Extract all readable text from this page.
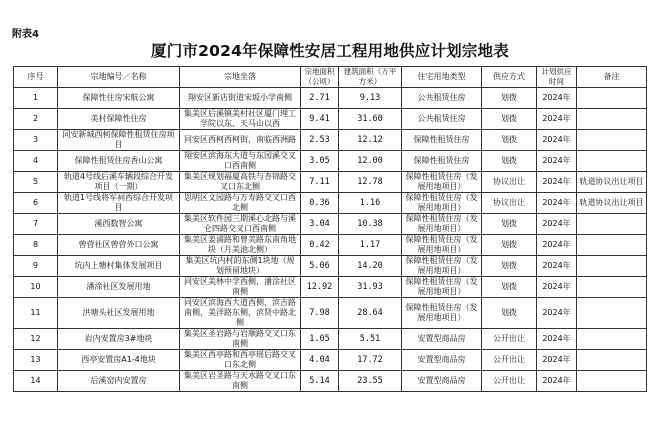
附表4
厦门市2024年保障性安居工程用地供应计划宗地表
序号	宗地编号／名称	宗地坐落	宗地面积（公顷）	建筑面积（万平方米）	住宅用地类型	供应方式	计划供应时间	备注
1	保障性住房宋航公寓	翔安区新店街道宋坂小学南侧	2.71	9.13	公共租赁住房	划拨	2024年	
2	美村保障性住房	集美区后溪镇美村社区厦门理工学院以东、天马山以西	9.41	31.60	公共租赁住房	划拨	2024年	
3	同安新城西柯保障性租赁住房项目	同安区西柯西柯街，南临西洲路	2.53	12.12	保障性租赁住房	划拨	2024年	
4	保障性租赁住房香山公寓	翔安区滨海东大道与东园溪交叉口西南侧	3.05	12.00	保障性租赁住房	划拨	2024年	
5	轨道4号线后溪车辆段综合开发项目（一期）	集美区规划福厦高铁与杏锦路交叉口东北侧	7.11	12.78	保障性租赁住房（发展用地项目）	协议出让	2024年	轨道协议出让项目
6	轨道1号线将军祠西综合开发项目	思明区文园路与万寿路交叉口西北侧	0.36	1.16	保障性租赁住房（发展用地项目）	协议出让	2024年	轨道协议出让项目
7	溪西数智公寓	集美区软件园三期溪心北路与溪仑四路交叉口西南侧	3.04	10.38	保障性租赁住房（发展用地项目）	划拨	2024年	
8	曾营社区曾营外口公寓	集美区姜浦路和曾美路东南角地块（月美池北侧）	0.42	1.17	保障性租赁住房（发展用地项目）	划拨	2024年	
9	坑内上塘村集体发展项目	集美区坑内村的东侧1块地（规划预留地块）	5.06	14.20	保障性租赁住房（发展用地项目）	划拨	2024年	
10	潘涂社区发展用地	同安区美林中学西侧，潘涂社区南侧	12.92	31.93	保障性租赁住房（发展用地项目）	划拨	2024年	
11	洪塘头社区发展用地	同安区滨海西大道西侧，滨吉路南侧，美洋路东侧，滨贤中路北侧	7.98	28.64	保障性租赁住房（发展用地项目）	划拨	2024年	
12	岩内安置房3#地块	集美区圣岩路与岩顺路交叉口东南侧	1.05	5.51	安置型商品房	公开出让	2024年	
13	西亭安置房A1-4地块	集美区西亭路和西亭瑶后路交叉口东北侧	4.04	17.72	安置型商品房	公开出让	2024年	
14	后溪窑内安置房	集美区岩圣路与天水路交叉口东南侧	5.14	23.55	安置型商品房	公开出让	2024年	
